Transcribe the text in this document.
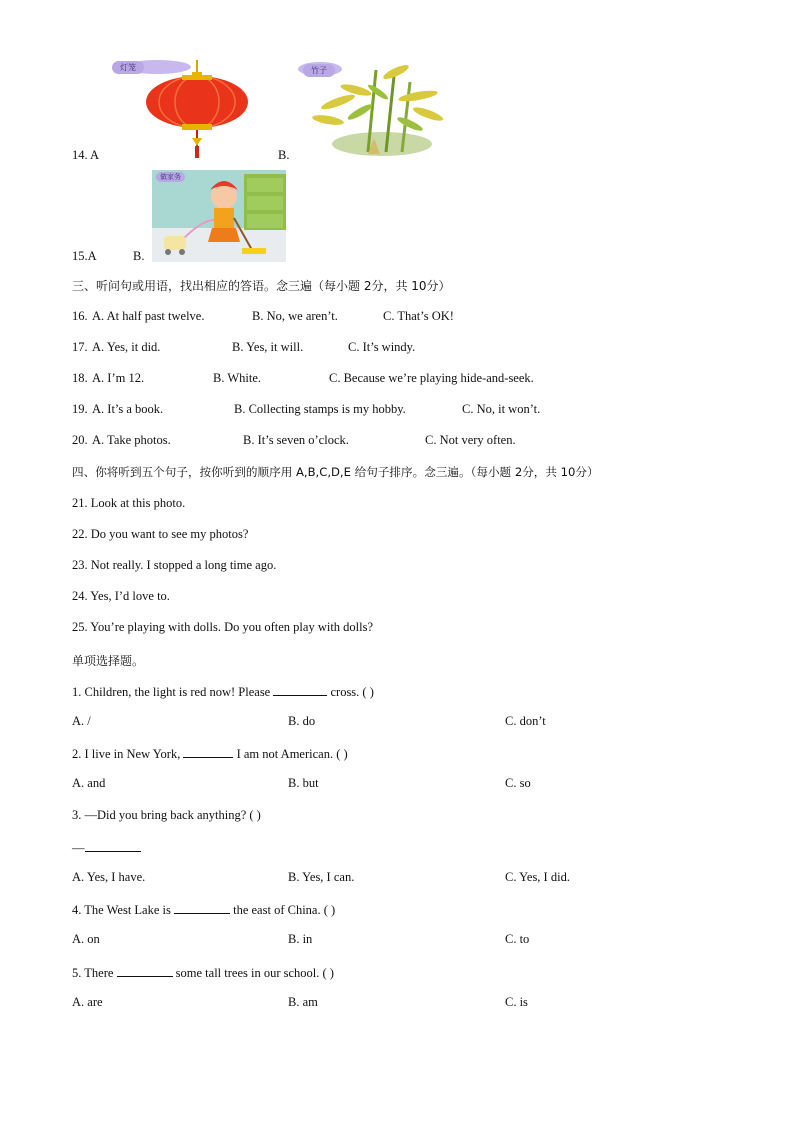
灯笼	竹子
14. A	B.
做家务
15.A	B.
三、听问句或用语，找出相应的答语。念三遍（每小题 2分，共 10分）
16. A. At half past twelve.	B. No, we aren’t.	C. That’s OK!
17. A. Yes, it did.	B. Yes, it will.	C. It’s windy.
18. A. I’m 12.	B. White.	C. Because we’re playing hide-and-seek.
19. A. It’s a book.	B. Collecting stamps is my hobby.	C. No, it won’t.
20. A. Take photos.	B. It’s seven o’clock.	C. Not very often.
四、你将听到五个句子，按你听到的顺序用 A,B,C,D,E 给句子排序。念三遍。（每小题 2分，共 10分）
21. Look at this photo.
22. Do you want to see my photos?
23. Not really. I stopped a long time ago.
24. Yes, I’d love to.
25. You’re playing with dolls. Do you often play with dolls?
单项选择题。
1. Children, the light is red now! Please	cross. ( )
A. /	B. do	C. don’t
2. I live in New York,	I am not American. ( )
A. and	B. but	C. so
3. —Did you bring back anything? ( )
—
A. Yes, I have.	B. Yes, I can.	C. Yes, I did.
4. The West Lake is	the east of China. ( )
A. on	B. in	C. to
5. There	some tall trees in our school. ( )
A. are	B. am	C. is
